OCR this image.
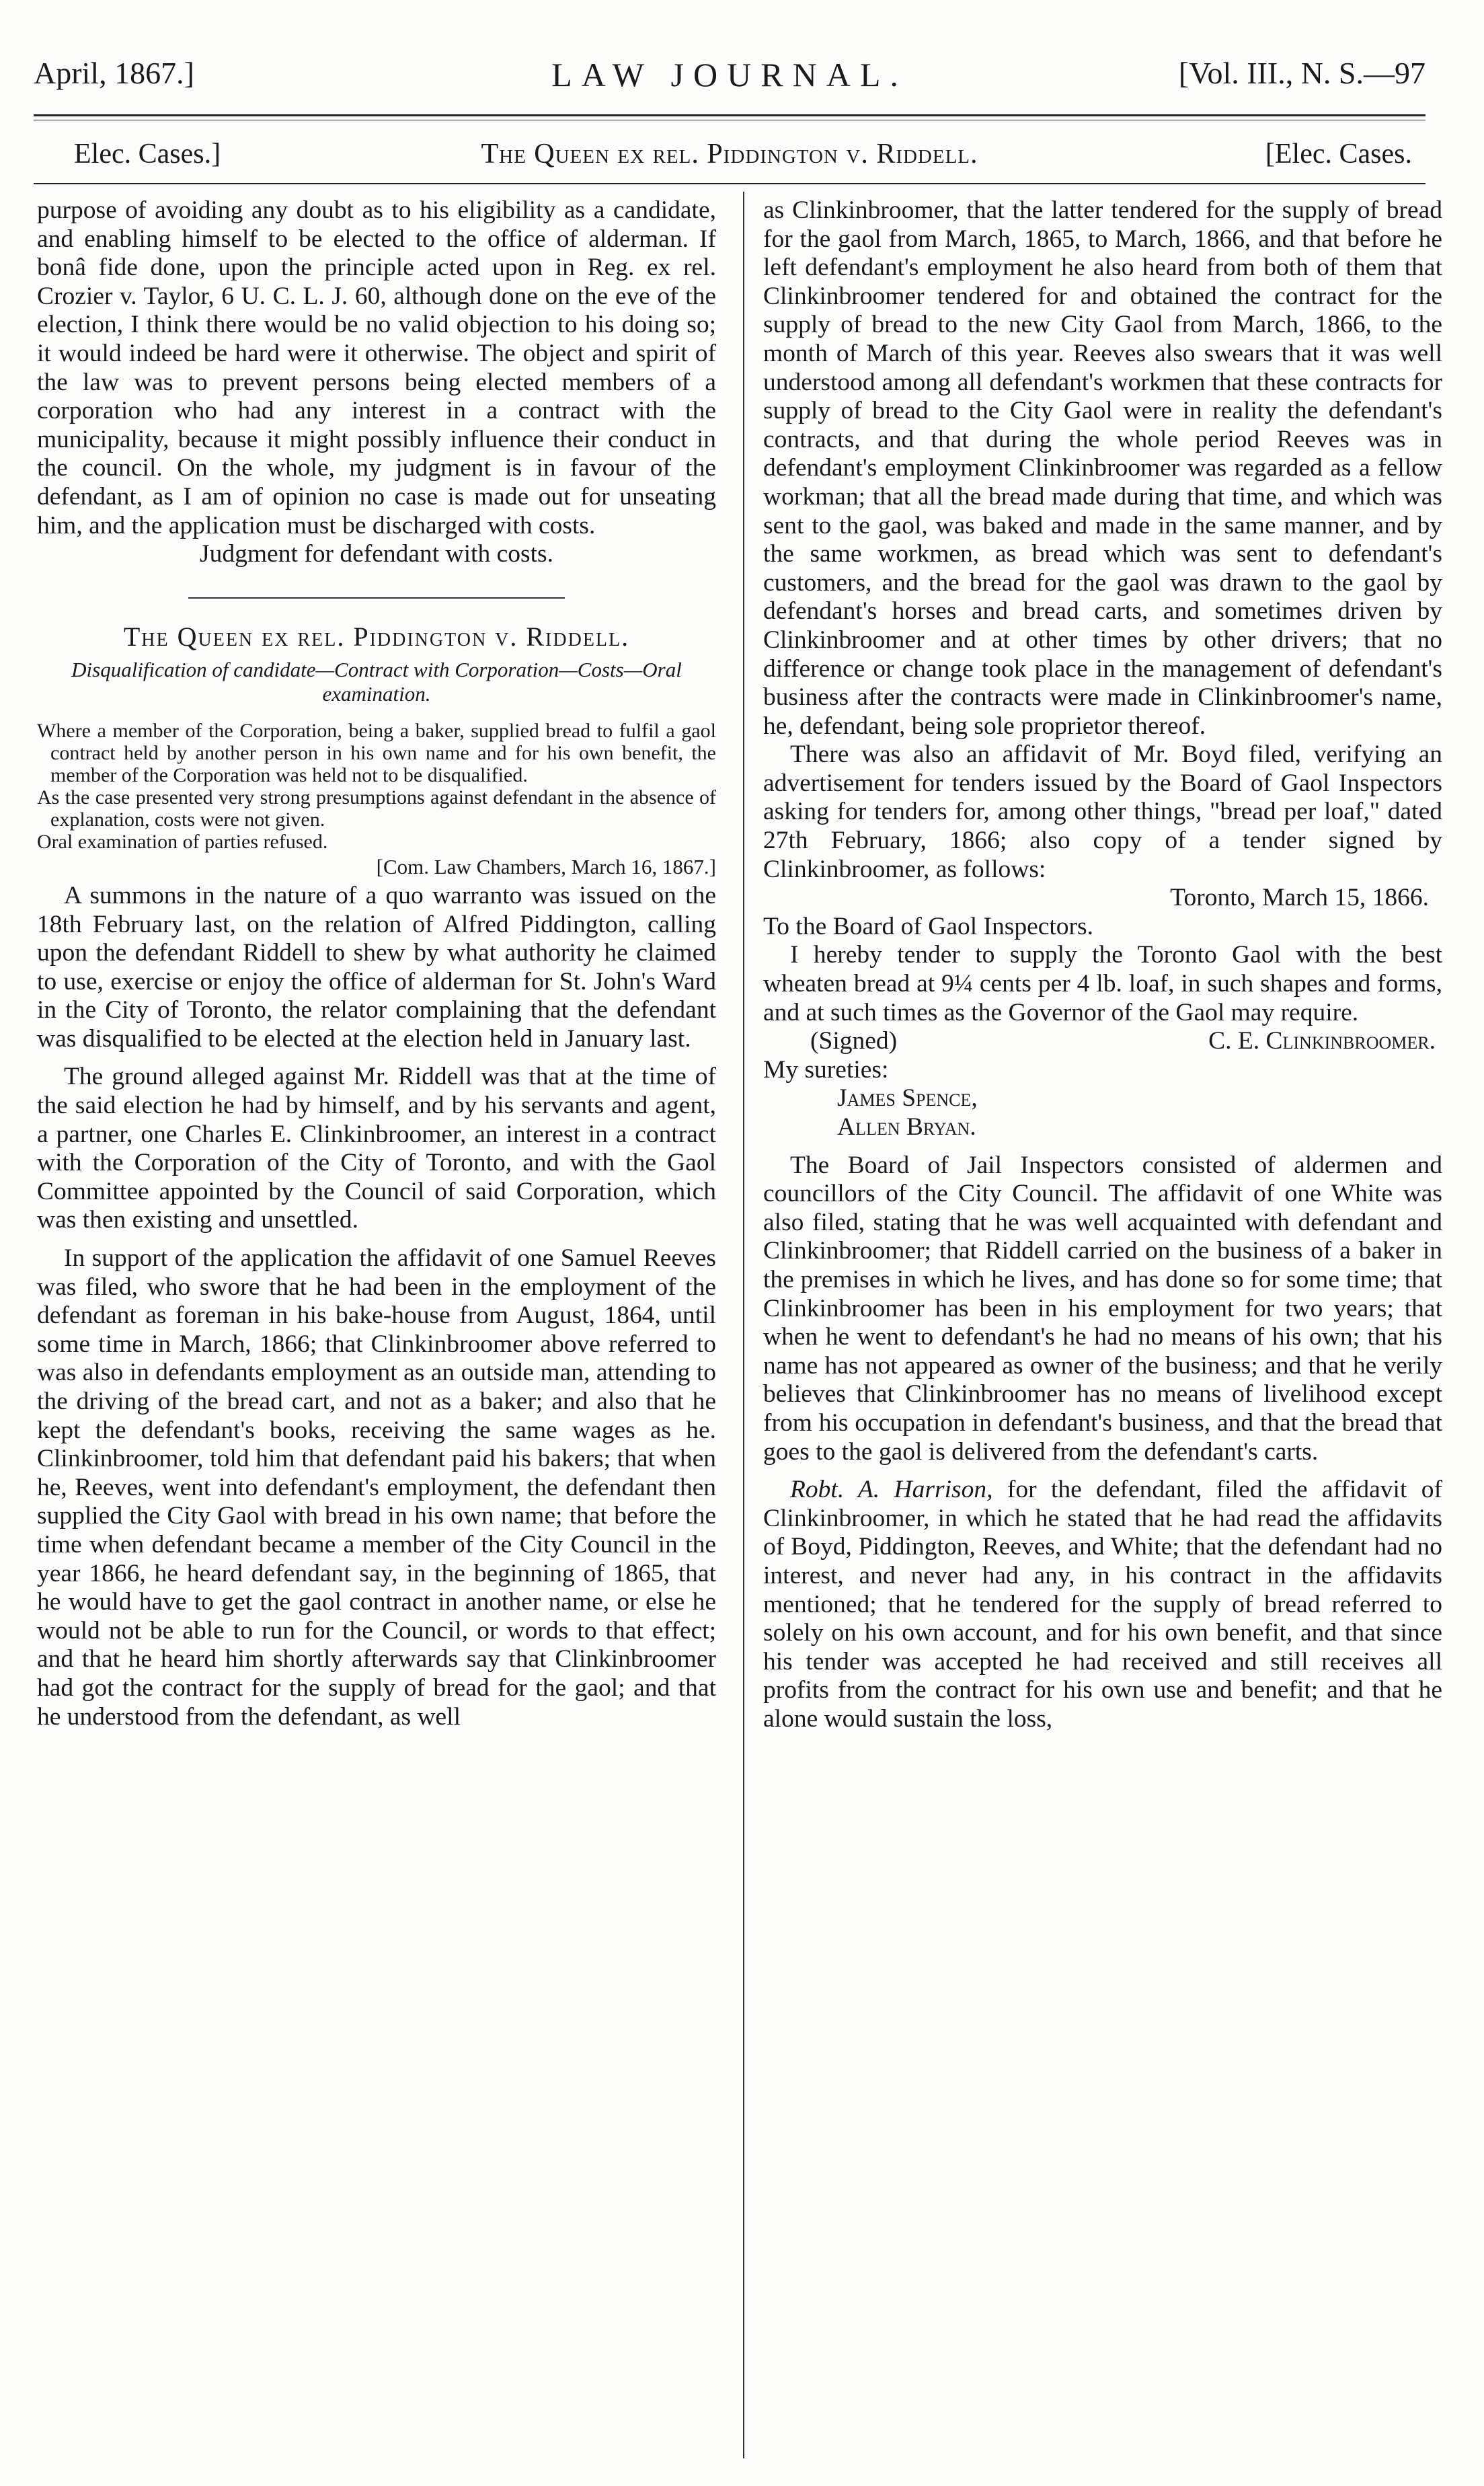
April, 1867.]	LAW JOURNAL.	[Vol. III., N. S.—97
Elec. Cases.]	The Queen ex rel. Piddington v. Riddell.	[Elec. Cases.

purpose of avoiding any doubt as to his eligibility as a candidate, and enabling himself to be elected to the office of alderman. If bonâ fide done, upon the principle acted upon in Reg. ex rel. Crozier v. Taylor, 6 U. C. L. J. 60, although done on the eve of the election, I think there would be no valid objection to his doing so; it would indeed be hard were it otherwise. The object and spirit of the law was to prevent persons being elected members of a corporation who had any interest in a contract with the municipality, because it might possibly influence their conduct in the council. On the whole, my judgment is in favour of the defendant, as I am of opinion no case is made out for unseating him, and the application must be discharged with costs.

Judgment for defendant with costs.

The Queen ex rel. Piddington v. Riddell.
Disqualification of candidate—Contract with Corporation—Costs—Oral examination.

Where a member of the Corporation, being a baker, supplied bread to fulfil a gaol contract held by another person in his own name and for his own benefit, the member of the Corporation was held not to be disqualified.

As the case presented very strong presumptions against defendant in the absence of explanation, costs were not given.

Oral examination of parties refused.

[Com. Law Chambers, March 16, 1867.]

A summons in the nature of a quo warranto was issued on the 18th February last, on the relation of Alfred Piddington, calling upon the defendant Riddell to shew by what authority he claimed to use, exercise or enjoy the office of alderman for St. John's Ward in the City of Toronto, the relator complaining that the defendant was disqualified to be elected at the election held in January last.

The ground alleged against Mr. Riddell was that at the time of the said election he had by himself, and by his servants and agent, a partner, one Charles E. Clinkinbroomer, an interest in a contract with the Corporation of the City of Toronto, and with the Gaol Committee appointed by the Council of said Corporation, which was then existing and unsettled.

In support of the application the affidavit of one Samuel Reeves was filed, who swore that he had been in the employment of the defendant as foreman in his bake-house from August, 1864, until some time in March, 1866; that Clinkinbroomer above referred to was also in defendants employment as an outside man, attending to the driving of the bread cart, and not as a baker; and also that he kept the defendant's books, receiving the same wages as he. Clinkinbroomer, told him that defendant paid his bakers; that when he, Reeves, went into defendant's employment, the defendant then supplied the City Gaol with bread in his own name; that before the time when defendant became a member of the City Council in the year 1866, he heard defendant say, in the beginning of 1865, that he would have to get the gaol contract in another name, or else he would not be able to run for the Council, or words to that effect; and that he heard him shortly afterwards say that Clinkinbroomer had got the contract for the supply of bread for the gaol; and that he understood from the defendant, as well

as Clinkinbroomer, that the latter tendered for the supply of bread for the gaol from March, 1865, to March, 1866, and that before he left defendant's employment he also heard from both of them that Clinkinbroomer tendered for and obtained the contract for the supply of bread to the new City Gaol from March, 1866, to the month of March of this year. Reeves also swears that it was well understood among all defendant's workmen that these contracts for supply of bread to the City Gaol were in reality the defendant's contracts, and that during the whole period Reeves was in defendant's employment Clinkinbroomer was regarded as a fellow workman; that all the bread made during that time, and which was sent to the gaol, was baked and made in the same manner, and by the same workmen, as bread which was sent to defendant's customers, and the bread for the gaol was drawn to the gaol by defendant's horses and bread carts, and sometimes driven by Clinkinbroomer and at other times by other drivers; that no difference or change took place in the management of defendant's business after the contracts were made in Clinkinbroomer's name, he, defendant, being sole proprietor thereof.

There was also an affidavit of Mr. Boyd filed, verifying an advertisement for tenders issued by the Board of Gaol Inspectors asking for tenders for, among other things, "bread per loaf," dated 27th February, 1866; also copy of a tender signed by Clinkinbroomer, as follows:

Toronto, March 15, 1866.

To the Board of Gaol Inspectors.

I hereby tender to supply the Toronto Gaol with the best wheaten bread at 9¼ cents per 4 lb. loaf, in such shapes and forms, and at such times as the Governor of the Gaol may require.

(Signed)	C. E. Clinkinbroomer.

My sureties:

James Spence,

Allen Bryan.

The Board of Jail Inspectors consisted of aldermen and councillors of the City Council. The affidavit of one White was also filed, stating that he was well acquainted with defendant and Clinkinbroomer; that Riddell carried on the business of a baker in the premises in which he lives, and has done so for some time; that Clinkinbroomer has been in his employment for two years; that when he went to defendant's he had no means of his own; that his name has not appeared as owner of the business; and that he verily believes that Clinkinbroomer has no means of livelihood except from his occupation in defendant's business, and that the bread that goes to the gaol is delivered from the defendant's carts.

Robt. A. Harrison, for the defendant, filed the affidavit of Clinkinbroomer, in which he stated that he had read the affidavits of Boyd, Piddington, Reeves, and White; that the defendant had no interest, and never had any, in his contract in the affidavits mentioned; that he tendered for the supply of bread referred to solely on his own account, and for his own benefit, and that since his tender was accepted he had received and still receives all profits from the contract for his own use and benefit; and that he alone would sustain the loss,
